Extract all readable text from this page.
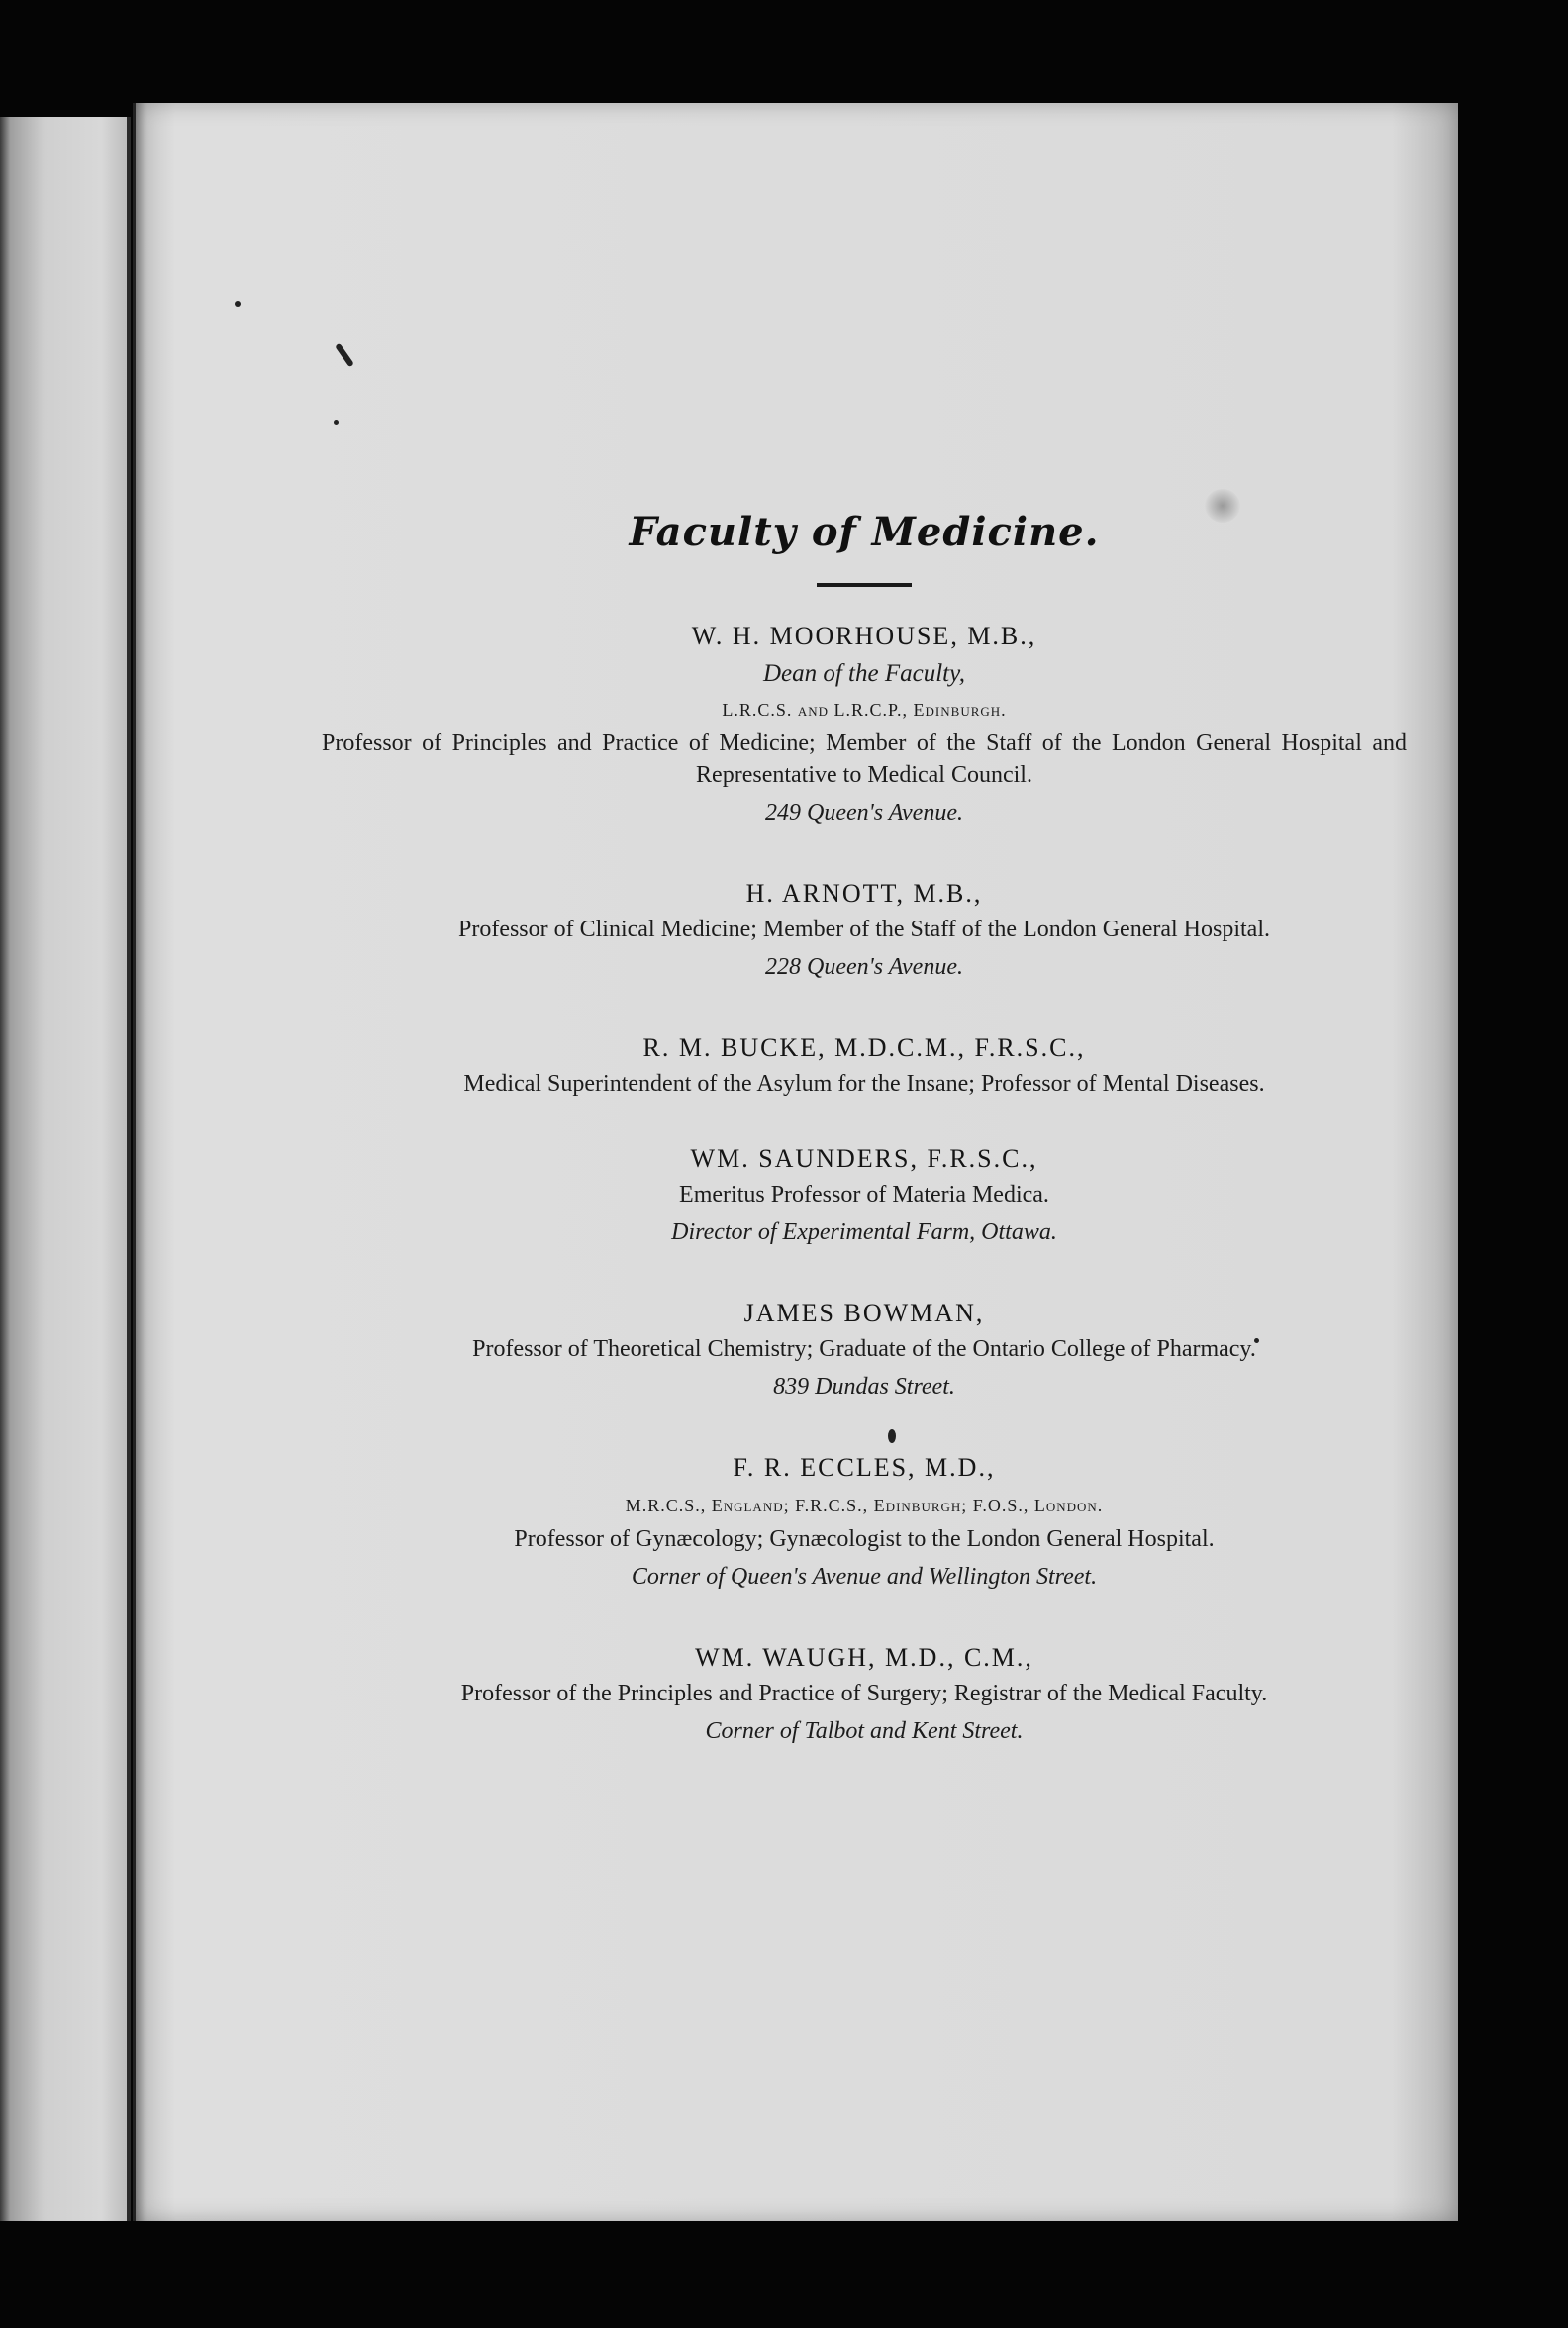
Faculty of Medicine.
W. H. MOORHOUSE, M.B.,
Dean of the Faculty,
L.R.C.S. and L.R.C.P., Edinburgh.
Professor of Principles and Practice of Medicine; Member of the Staff of the London General Hospital and Representative to Medical Council.
249 Queen's Avenue.
H. ARNOTT, M.B.,
Professor of Clinical Medicine; Member of the Staff of the London General Hospital.
228 Queen's Avenue.
R. M. BUCKE, M.D.C.M., F.R.S.C.,
Medical Superintendent of the Asylum for the Insane; Professor of Mental Diseases.
WM. SAUNDERS, F.R.S.C.,
Emeritus Professor of Materia Medica.
Director of Experimental Farm, Ottawa.
JAMES BOWMAN,
Professor of Theoretical Chemistry; Graduate of the Ontario College of Pharmacy.
839 Dundas Street.
F. R. ECCLES, M.D.,
M.R.C.S., England; F.R.C.S., Edinburgh; F.O.S., London.
Professor of Gynæcology; Gynæcologist to the London General Hospital.
Corner of Queen's Avenue and Wellington Street.
WM. WAUGH, M.D., C.M.,
Professor of the Principles and Practice of Surgery; Registrar of the Medical Faculty.
Corner of Talbot and Kent Street.
